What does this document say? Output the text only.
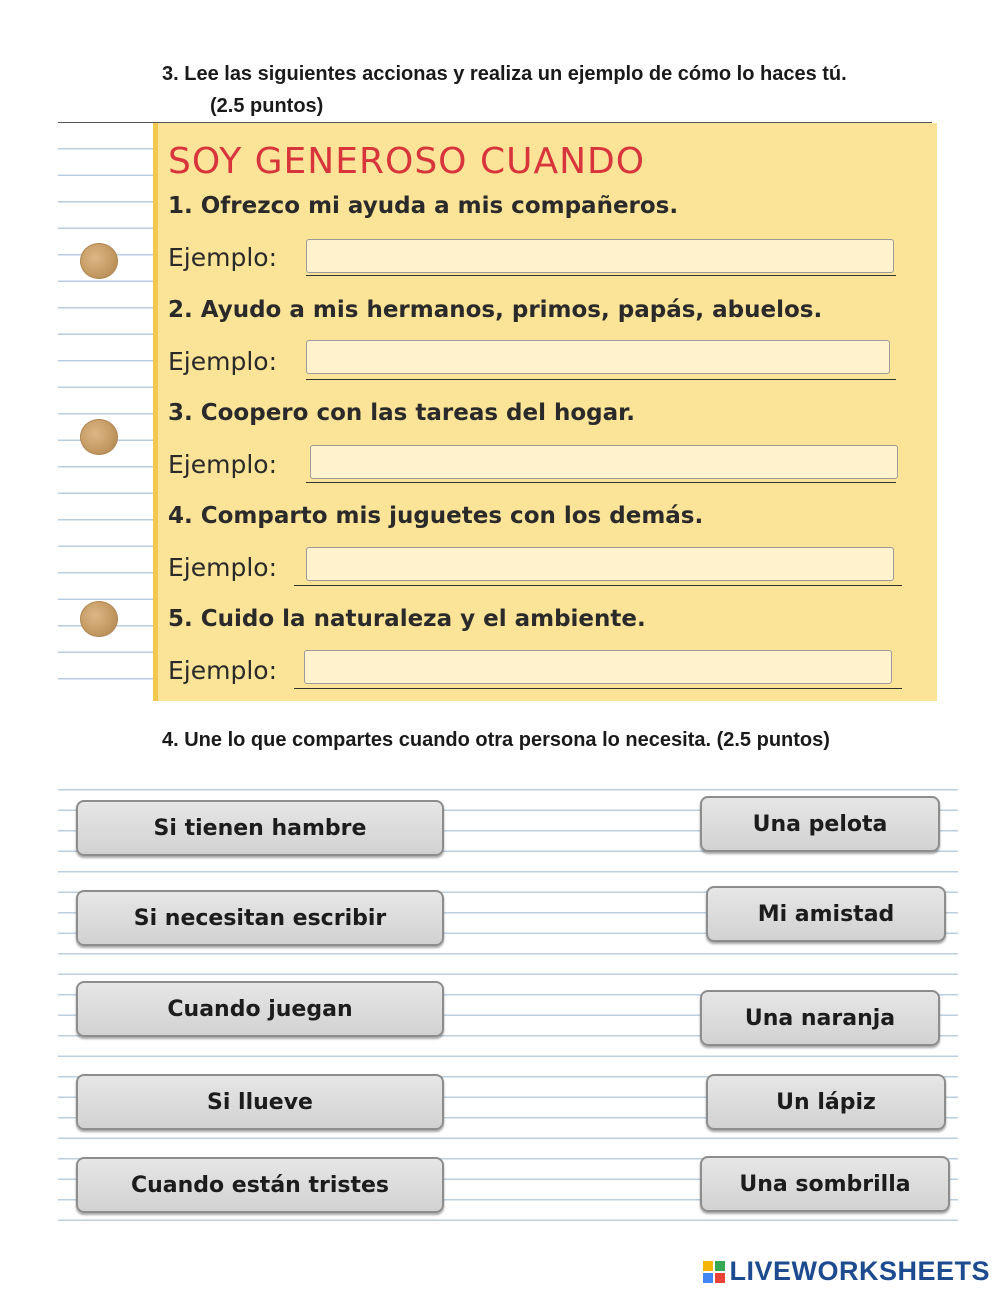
3. Lee las siguientes accionas y realiza un ejemplo de cómo lo haces tú.
(2.5 puntos)
SOY GENEROSO CUANDO
1. Ofrezco mi ayuda a mis compañeros.
Ejemplo:
2. Ayudo a mis hermanos, primos, papás, abuelos.
Ejemplo:
3. Coopero con las tareas del hogar.
Ejemplo:
4. Comparto mis juguetes con los demás.
Ejemplo:
5. Cuido la naturaleza y el ambiente.
Ejemplo:
4. Une lo que compartes cuando otra persona lo necesita. (2.5 puntos)
Si tienen hambre
Si necesitan escribir
Cuando juegan
Si llueve
Cuando están tristes
Una pelota
Mi amistad
Una naranja
Un lápiz
Una sombrilla
LIVEWORKSHEETS
